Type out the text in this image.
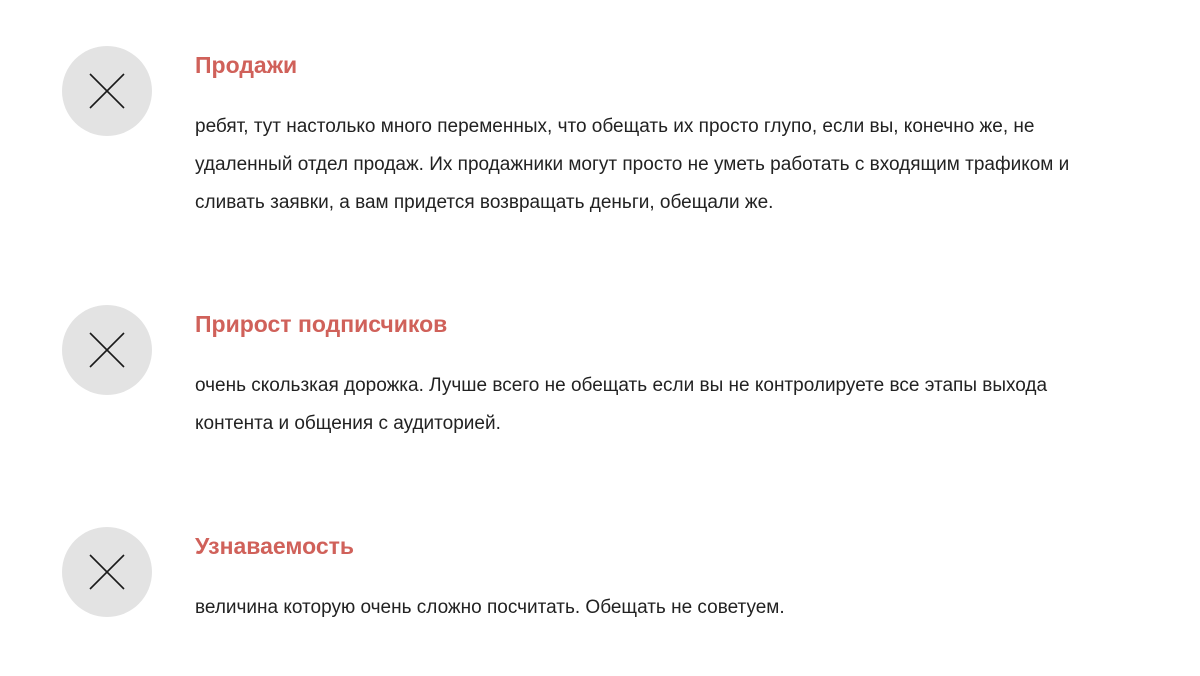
Продажи

ребят, тут настолько много переменных, что обещать их просто глупо, если вы, конечно же, не удаленный отдел продаж. Их продажники могут просто не уметь работать с входящим трафиком и сливать заявки, а вам придется возвращать деньги, обещали же.

Прирост подписчиков

очень скользкая дорожка. Лучше всего не обещать если вы не контролируете все этапы выхода контента и общения с аудиторией.

Узнаваемость

величина которую очень сложно посчитать. Обещать не советуем.
